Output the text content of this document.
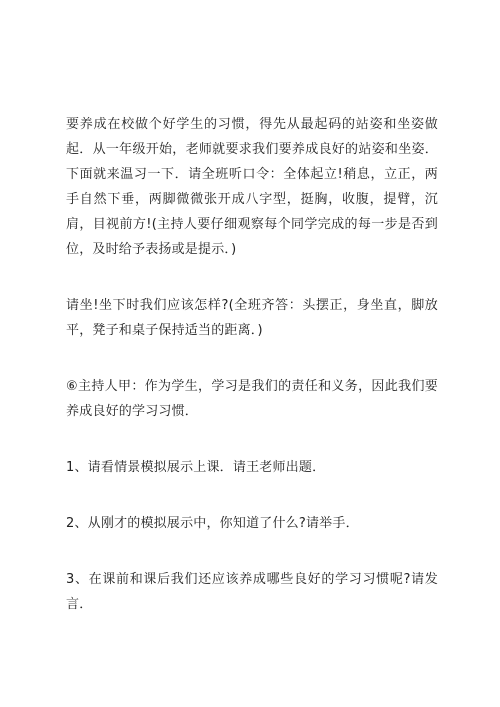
要养成在校做个好学生的习惯，得先从最起码的站姿和坐姿做起．从一年级开始，老师就要求我们要养成良好的站姿和坐姿．下面就来温习一下．请全班听口令：全体起立!稍息，立正，两手自然下垂，两脚微微张开成八字型，挺胸，收腹，提臂，沉肩，目视前方!(主持人要仔细观察每个同学完成的每一步是否到位，及时给予表扬或是提示．)

请坐!坐下时我们应该怎样?(全班齐答：头摆正，身坐直，脚放平，凳子和桌子保持适当的距离．)

⑥主持人甲：作为学生，学习是我们的责任和义务，因此我们要养成良好的学习习惯．

1、请看情景模拟展示上课．请王老师出题．

2、从刚才的模拟展示中，你知道了什么?请举手．

3、在课前和课后我们还应该养成哪些良好的学习习惯呢?请发言．
